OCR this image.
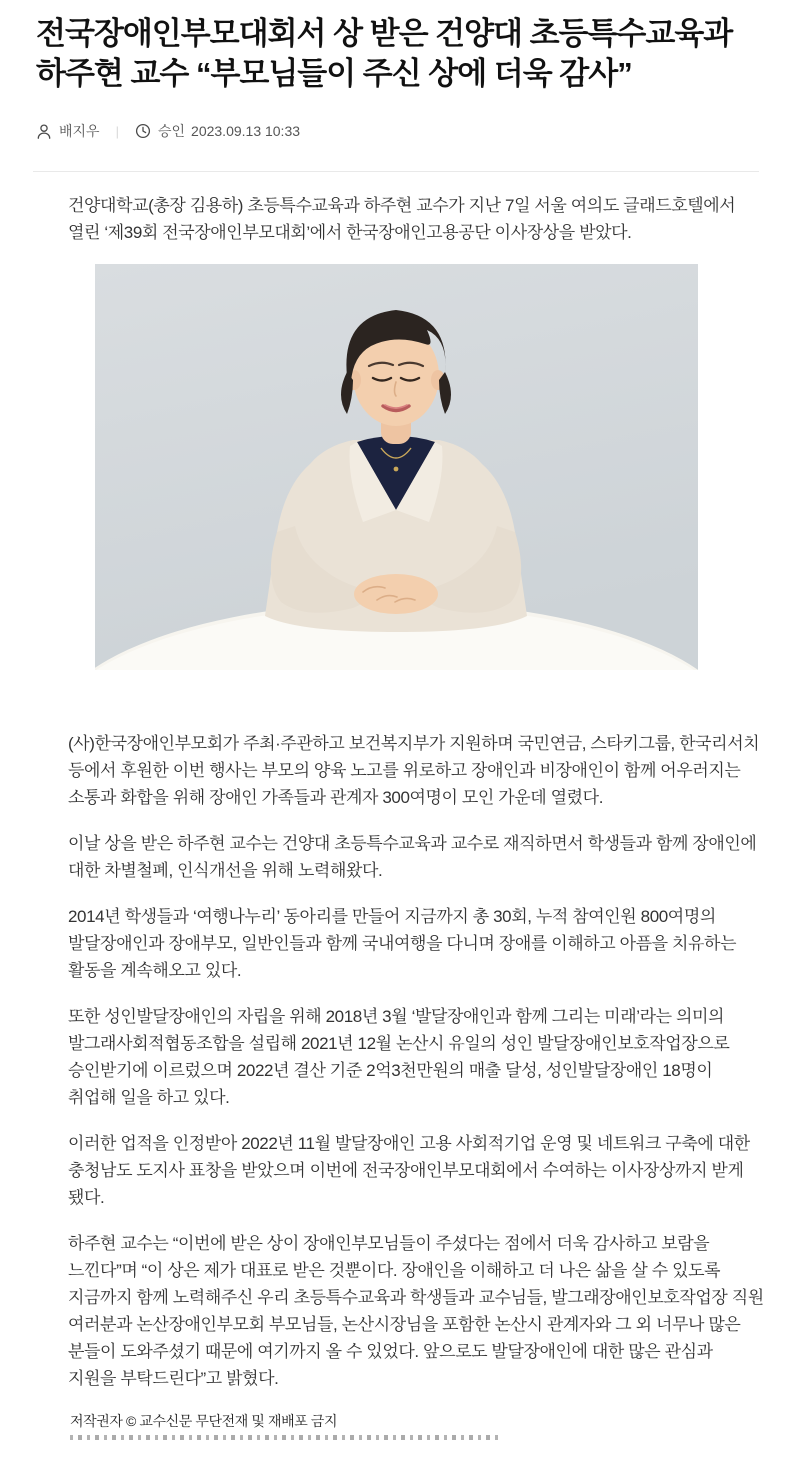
전국장애인부모대회서 상 받은 건양대 초등특수교육과 하주현 교수 “부모님들이 주신 상에 더욱 감사”
배지우 |	승인 2023.09.13 10:33

건양대학교(총장 김용하) 초등특수교육과 하주현 교수가 지난 7일 서울 여의도 글래드호텔에서 열린 ‘제39회 전국장애인부모대회’에서 한국장애인고용공단 이사장상을 받았다.

(사)한국장애인부모회가 주최·주관하고 보건복지부가 지원하며 국민연금, 스타키그룹, 한국리서치 등에서 후원한 이번 행사는 부모의 양육 노고를 위로하고 장애인과 비장애인이 함께 어우러지는 소통과 화합을 위해 장애인 가족들과 관계자 300여명이 모인 가운데 열렸다.

이날 상을 받은 하주현 교수는 건양대 초등특수교육과 교수로 재직하면서 학생들과 함께 장애인에 대한 차별철폐, 인식개선을 위해 노력해왔다.

2014년 학생들과 ‘여행나누리’ 동아리를 만들어 지금까지 총 30회, 누적 참여인원 800여명의 발달장애인과 장애부모, 일반인들과 함께 국내여행을 다니며 장애를 이해하고 아픔을 치유하는 활동을 계속해오고 있다.

또한 성인발달장애인의 자립을 위해 2018년 3월 ‘발달장애인과 함께 그리는 미래’라는 의미의 발그래사회적협동조합을 설립해 2021년 12월 논산시 유일의 성인 발달장애인보호작업장으로 승인받기에 이르렀으며 2022년 결산 기준 2억3천만원의 매출 달성, 성인발달장애인 18명이 취업해 일을 하고 있다.

이러한 업적을 인정받아 2022년 11월 발달장애인 고용 사회적기업 운영 및 네트워크 구축에 대한 충청남도 도지사 표창을 받았으며 이번에 전국장애인부모대회에서 수여하는 이사장상까지 받게 됐다.

하주현 교수는 “이번에 받은 상이 장애인부모님들이 주셨다는 점에서 더욱 감사하고 보람을 느낀다”며 “이 상은 제가 대표로 받은 것뿐이다. 장애인을 이해하고 더 나은 삶을 살 수 있도록 지금까지 함께 노력해주신 우리 초등특수교육과 학생들과 교수님들, 발그래장애인보호작업장 직원 여러분과 논산장애인부모회 부모님들, 논산시장님을 포함한 논산시 관계자와 그 외 너무나 많은 분들이 도와주셨기 때문에 여기까지 올 수 있었다. 앞으로도 발달장애인에 대한 많은 관심과 지원을 부탁드린다”고 밝혔다.

저작권자 © 교수신문 무단전재 및 재배포 금지
